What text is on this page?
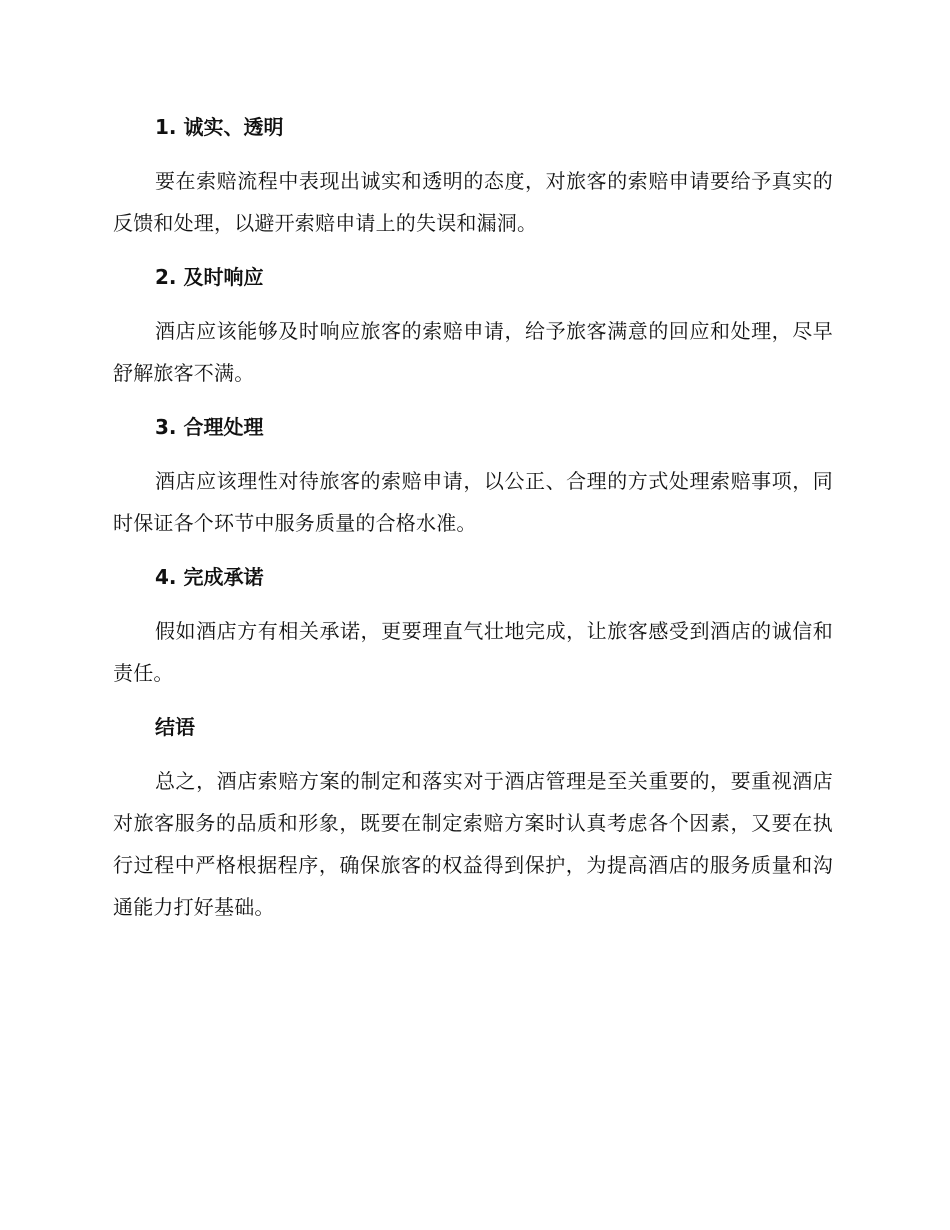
1. 诚实、透明

要在索赔流程中表现出诚实和透明的态度，对旅客的索赔申请要给予真实的反馈和处理，以避开索赔申请上的失误和漏洞。

2. 及时响应

酒店应该能够及时响应旅客的索赔申请，给予旅客满意的回应和处理，尽早舒解旅客不满。

3. 合理处理

酒店应该理性对待旅客的索赔申请，以公正、合理的方式处理索赔事项，同时保证各个环节中服务质量的合格水准。

4. 完成承诺

假如酒店方有相关承诺，更要理直气壮地完成，让旅客感受到酒店的诚信和责任。

结语

总之，酒店索赔方案的制定和落实对于酒店管理是至关重要的，要重视酒店对旅客服务的品质和形象，既要在制定索赔方案时认真考虑各个因素，又要在执行过程中严格根据程序，确保旅客的权益得到保护，为提高酒店的服务质量和沟通能力打好基础。
